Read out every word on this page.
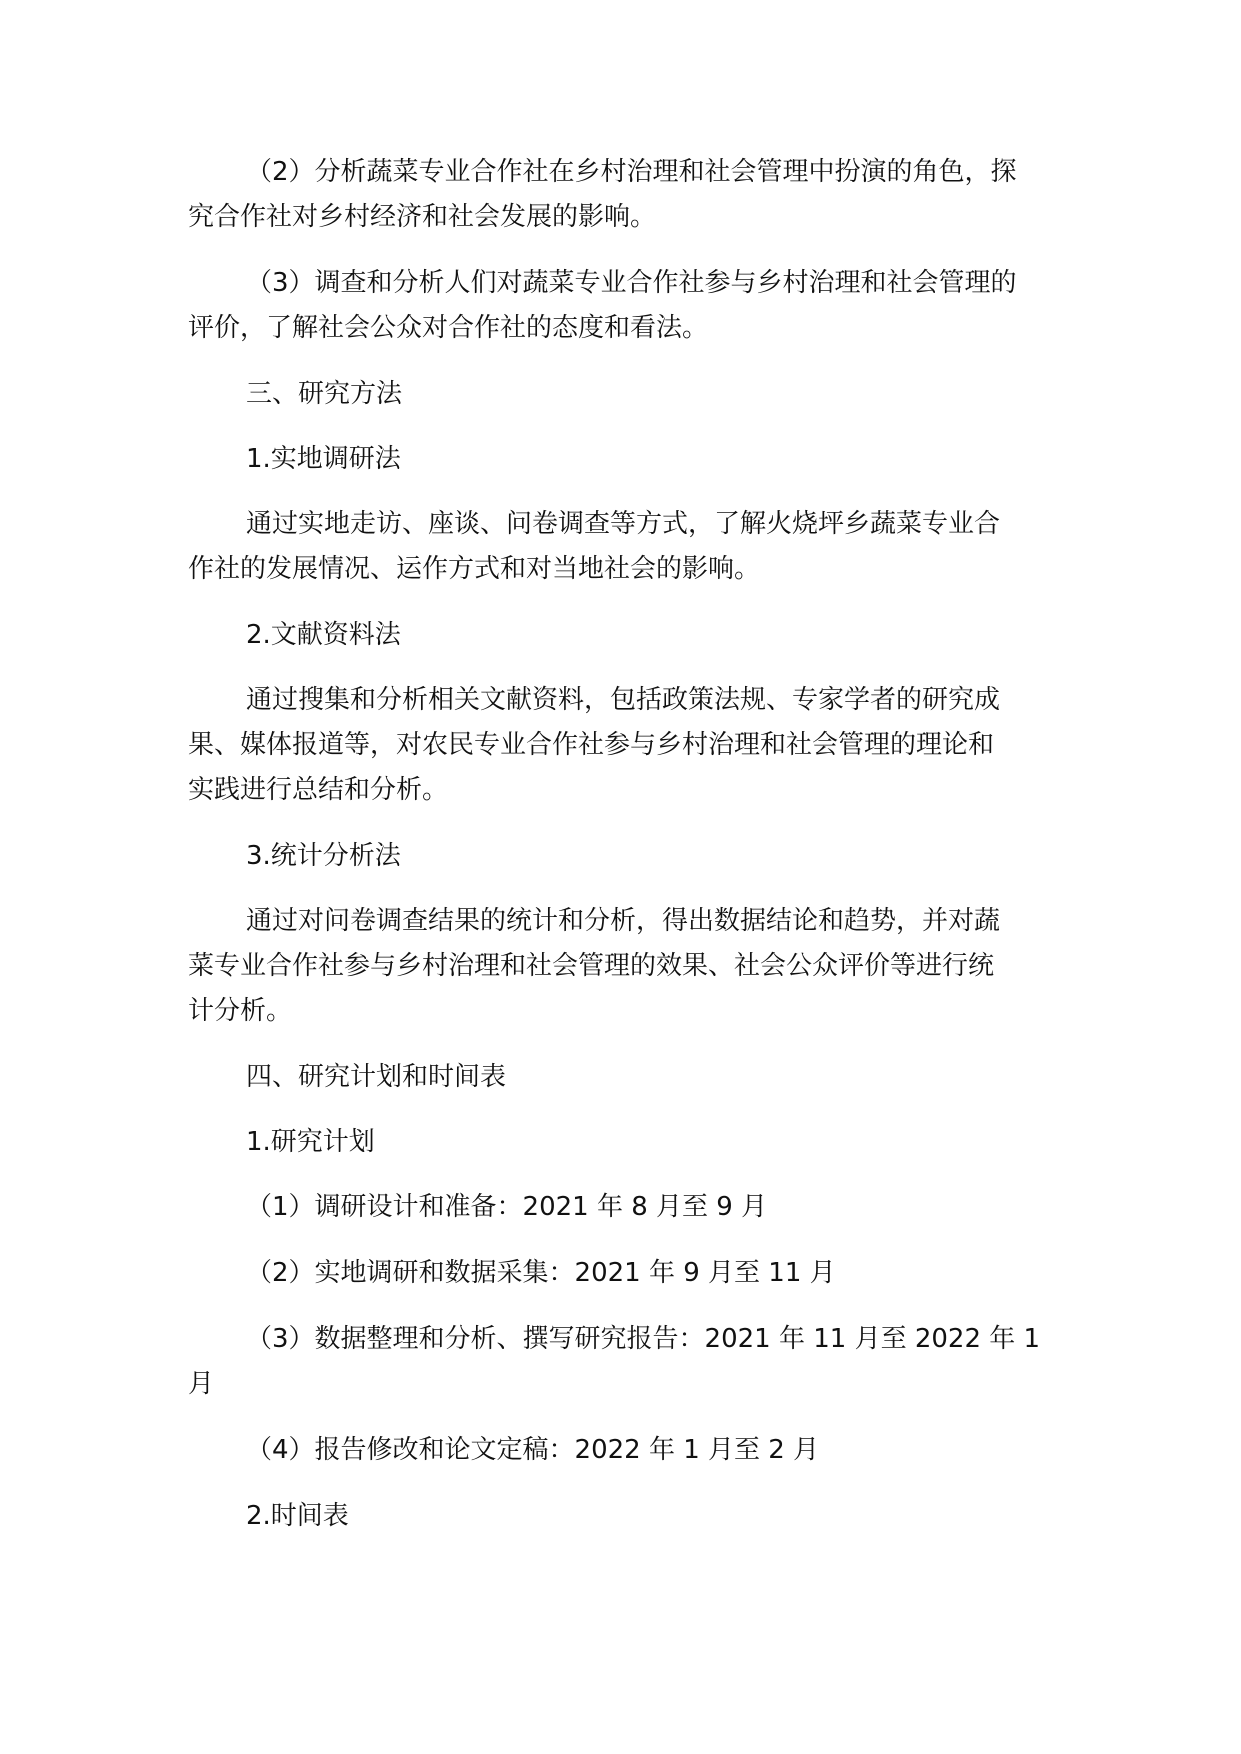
（2）分析蔬菜专业合作社在乡村治理和社会管理中扮演的角色，探
究合作社对乡村经济和社会发展的影响。

（3）调查和分析人们对蔬菜专业合作社参与乡村治理和社会管理的
评价，了解社会公众对合作社的态度和看法。

三、研究方法

1.实地调研法

通过实地走访、座谈、问卷调查等方式，了解火烧坪乡蔬菜专业合
作社的发展情况、运作方式和对当地社会的影响。

2.文献资料法

通过搜集和分析相关文献资料，包括政策法规、专家学者的研究成
果、媒体报道等，对农民专业合作社参与乡村治理和社会管理的理论和
实践进行总结和分析。

3.统计分析法

通过对问卷调查结果的统计和分析，得出数据结论和趋势，并对蔬
菜专业合作社参与乡村治理和社会管理的效果、社会公众评价等进行统
计分析。

四、研究计划和时间表

1.研究计划

（1）调研设计和准备：2021 年 8 月至 9 月

（2）实地调研和数据采集：2021 年 9 月至 11 月

（3）数据整理和分析、撰写研究报告：2021 年 11 月至 2022 年 1
月

（4）报告修改和论文定稿：2022 年 1 月至 2 月

2.时间表
